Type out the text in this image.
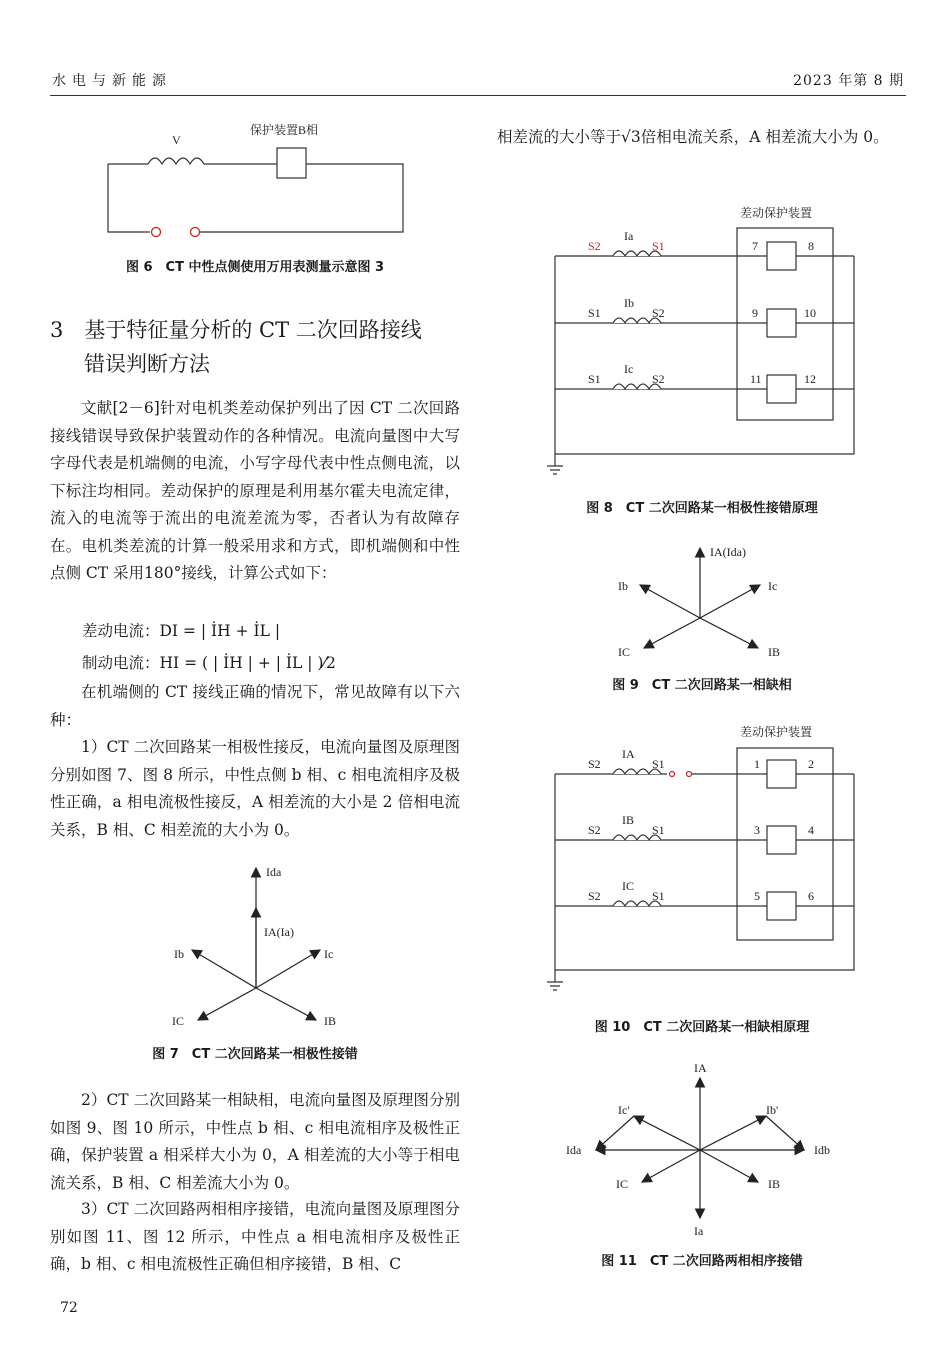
水电与新能源	2023 年第 8 期
V
保护装置B相
图 6　CT 中性点侧使用万用表测量示意图 3
3　基于特征量分析的 CT 二次回路接线
错误判断方法
文献[2－6]针对电机类差动保护列出了因 CT 二次回路接线错误导致保护装置动作的各种情况。电流向量图中大写字母代表是机端侧的电流，小写字母代表中性点侧电流，以下标注均相同。差动保护的原理是利用基尔霍夫电流定律，流入的电流等于流出的电流差流为零，否者认为有故障存在。电机类差流的计算一般采用求和方式，即机端侧和中性点侧 CT 采用180°接线，计算公式如下：
差动电流：DI = | İH + İL |
制动电流：HI = ( | İH | + | İL | )⁄2
在机端侧的 CT 接线正确的情况下，常见故障有以下六种：
1）CT 二次回路某一相极性接反，电流向量图及原理图分别如图 7、图 8 所示，中性点侧 b 相、c 相电流相序及极性正确，a 相电流极性接反，A 相差流的大小是 2 倍相电流关系，B 相、C 相差流的大小为 0。
Ida
IA(Ia)
Ib	Ic
IC	IB
图 7　CT 二次回路某一相极性接错
2）CT 二次回路某一相缺相，电流向量图及原理图分别如图 9、图 10 所示，中性点 b 相、c 相电流相序及极性正确，保护装置 a 相采样大小为 0，A 相差流的大小等于相电流关系，B 相、C 相差流大小为 0。
3）CT 二次回路两相相序接错，电流向量图及原理图分别如图 11、图 12 所示，中性点 a 相电流相序及极性正确，b 相、c 相电流极性正确但相序接错，B 相、C
72
相差流的大小等于√3倍相电流关系，A 相差流大小为 0。
差动保护装置
S2
Ia
S1	7	8
S1
Ib
S2	9	10
S1
Ic
S2	11	12
图 8　CT 二次回路某一相极性接错原理
IA(Ida)
Ib	Ic
IC	IB
图 9　CT 二次回路某一相缺相
差动保护装置
S2
IA
S1	1	2
S2
IB
S1	3	4
S2
IC
S1	5	6
图 10　CT 二次回路某一相缺相原理
IA
Ic'	Ib'
Ida	Idb
IC	IB
Ia
图 11　CT 二次回路两相相序接错
